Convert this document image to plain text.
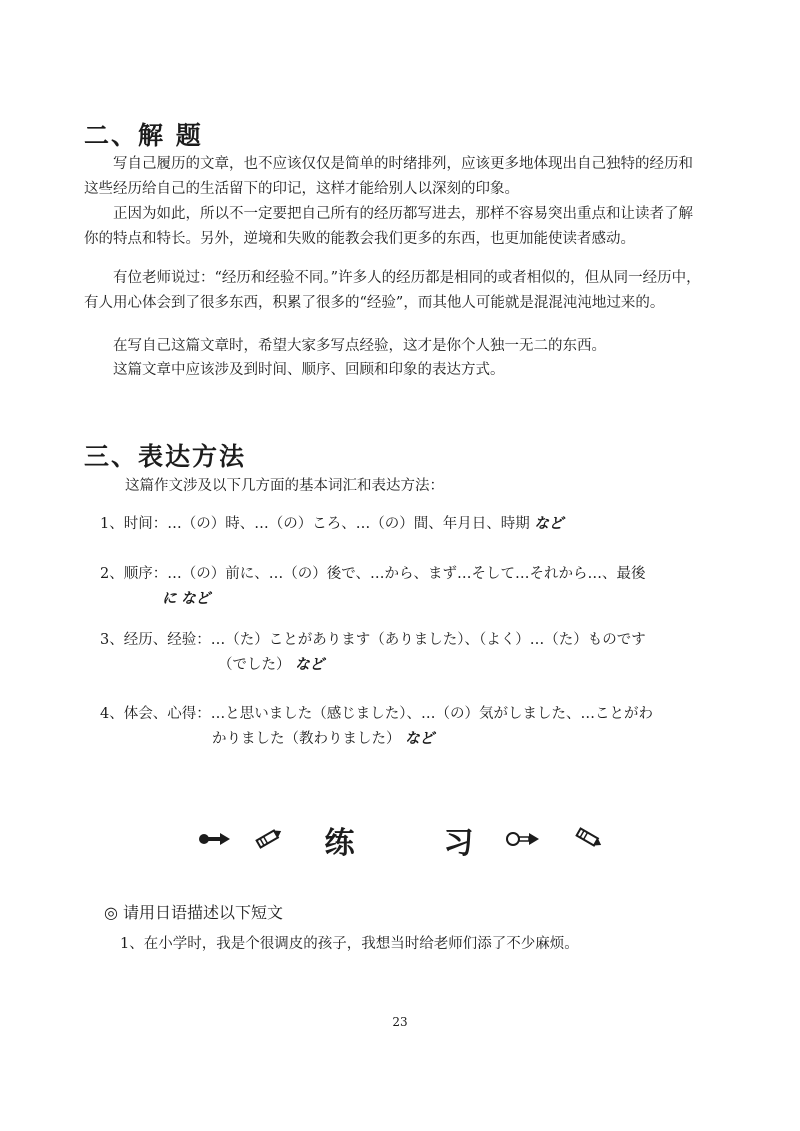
二、解 题

写自己履历的文章，也不应该仅仅是简单的时绪排列，应该更多地体现出自己独特的经历和这些经历给自己的生活留下的印记，这样才能给别人以深刻的印象。

正因为如此，所以不一定要把自己所有的经历都写进去，那样不容易突出重点和让读者了解你的特点和特长。另外，逆境和失败的能教会我们更多的东西，也更加能使读者感动。

有位老师说过：“经历和经验不同。”许多人的经历都是相同的或者相似的，但从同一经历中，有人用心体会到了很多东西，积累了很多的“经验”，而其他人可能就是混混沌沌地过来的。

在写自己这篇文章时，希望大家多写点经验，这才是你个人独一无二的东西。

这篇文章中应该涉及到时间、顺序、回顾和印象的表达方式。

三、表达方法

这篇作文涉及以下几方面的基本词汇和表达方法：

1、时间：…（の）時、…（の）ころ、…（の）間、年月日、時期 など
2、顺序：…（の）前に、…（の）後で、…から、まず…そして…それから…、最後
に など
3、经历、经验：…（た）ことがあります（ありました）、（よく）…（た）ものです
（でした） など
4、体会、心得：…と思いました（感じました）、…（の）気がしました、…ことがわ
かりました（教わりました） など
练	习
◎ 请用日语描述以下短文
1、在小学时，我是个很调皮的孩子，我想当时给老师们添了不少麻烦。
23
